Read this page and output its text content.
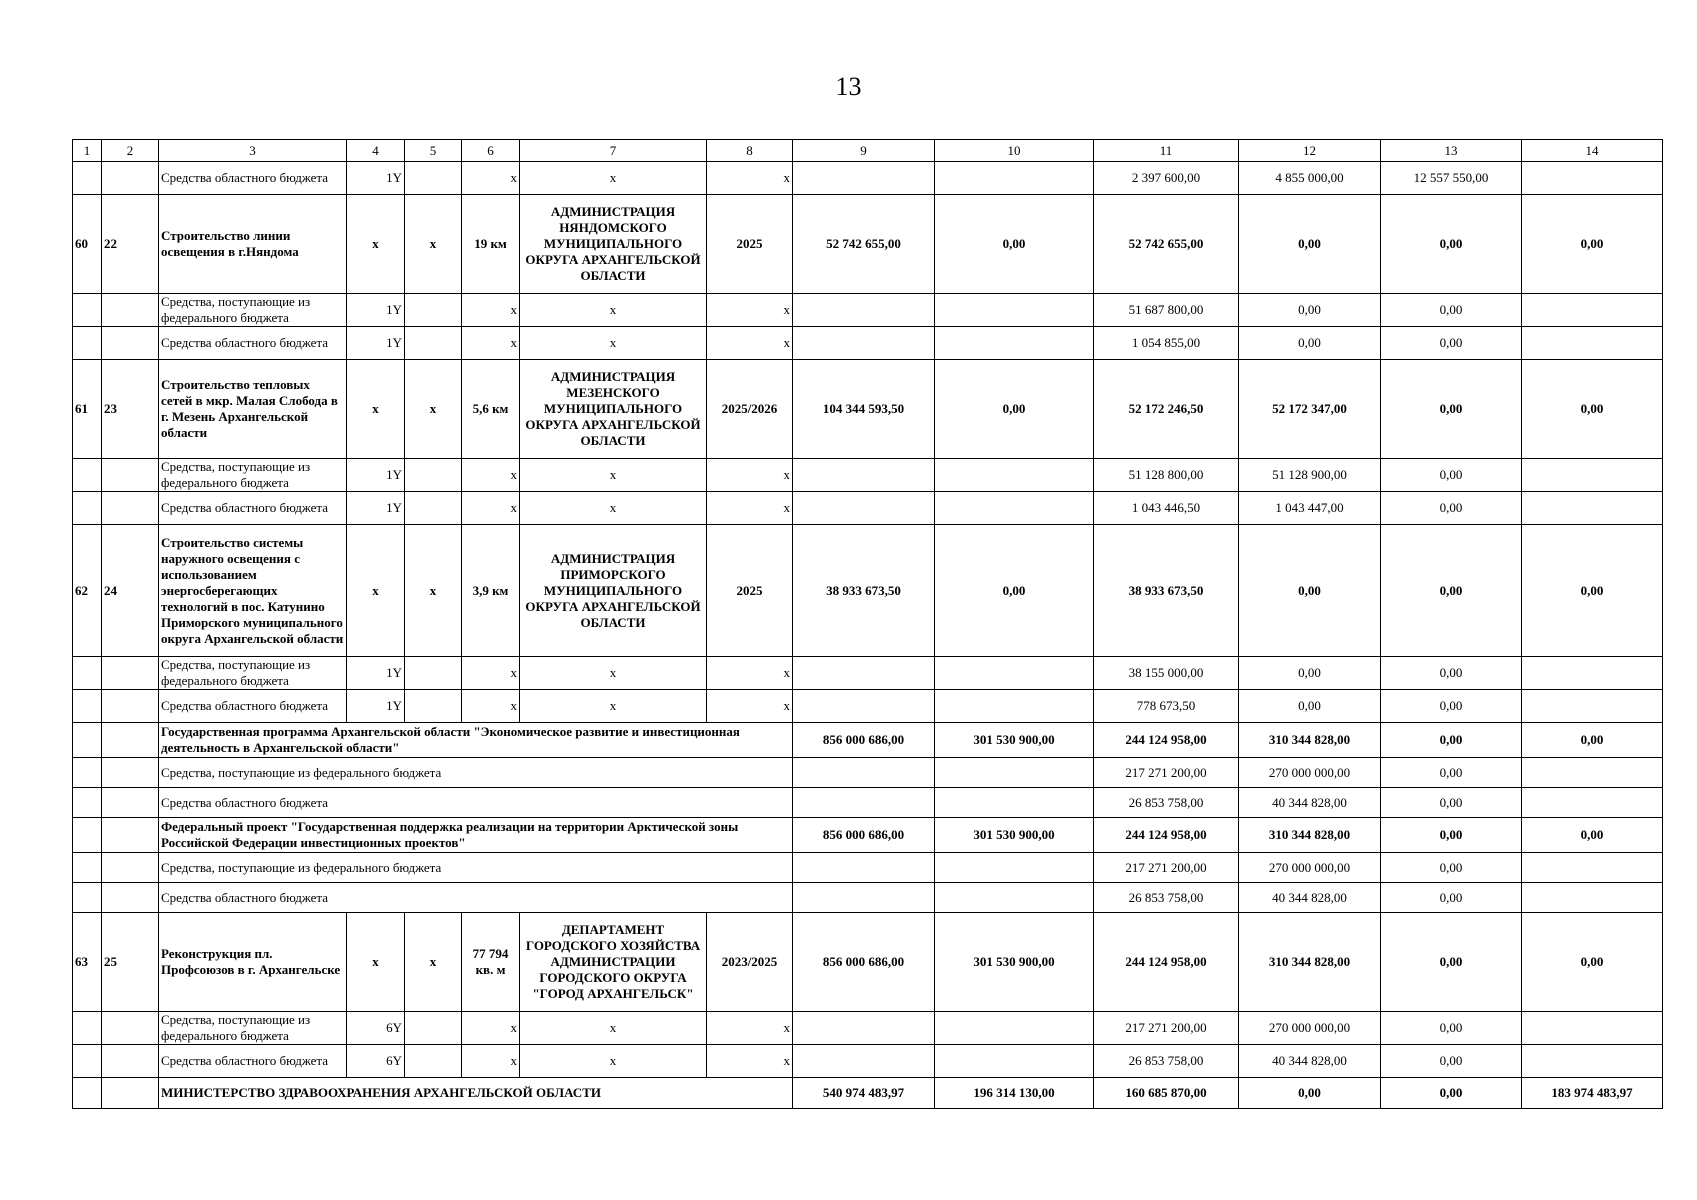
13
1	2	3	4	5	6	7	8	9	10	11	12	13	14
		Средства областного бюджета	1Y		x	x	x			2 397 600,00	4 855 000,00	12 557 550,00	
60	22	Строительство линии освещения в г.Няндома	x	x	19 км	АДМИНИСТРАЦИЯ НЯНДОМСКОГО МУНИЦИПАЛЬНОГО ОКРУГА АРХАНГЕЛЬСКОЙ ОБЛАСТИ	2025	52 742 655,00	0,00	52 742 655,00	0,00	0,00	0,00
		Средства, поступающие из федерального бюджета	1Y		x	x	x			51 687 800,00	0,00	0,00	
		Средства областного бюджета	1Y		x	x	x			1 054 855,00	0,00	0,00	
61	23	Строительство тепловых сетей в мкр. Малая Слобода в г. Мезень Архангельской области	x	x	5,6 км	АДМИНИСТРАЦИЯ МЕЗЕНСКОГО МУНИЦИПАЛЬНОГО ОКРУГА АРХАНГЕЛЬСКОЙ ОБЛАСТИ	2025/2026	104 344 593,50	0,00	52 172 246,50	52 172 347,00	0,00	0,00
		Средства, поступающие из федерального бюджета	1Y		x	x	x			51 128 800,00	51 128 900,00	0,00	
		Средства областного бюджета	1Y		x	x	x			1 043 446,50	1 043 447,00	0,00	
62	24	Строительство системы наружного освещения с использованием энергосберегающих технологий в пос. Катунино Приморского муниципального округа Архангельской области	x	x	3,9 км	АДМИНИСТРАЦИЯ ПРИМОРСКОГО МУНИЦИПАЛЬНОГО ОКРУГА АРХАНГЕЛЬСКОЙ ОБЛАСТИ	2025	38 933 673,50	0,00	38 933 673,50	0,00	0,00	0,00
		Средства, поступающие из федерального бюджета	1Y		x	x	x			38 155 000,00	0,00	0,00	
		Средства областного бюджета	1Y		x	x	x			778 673,50	0,00	0,00	
		Государственная программа Архангельской области "Экономическое развитие и инвестиционная деятельность в Архангельской области"						856 000 686,00	301 530 900,00	244 124 958,00	310 344 828,00	0,00	0,00
		Средства, поступающие из федерального бюджета								217 271 200,00	270 000 000,00	0,00	
		Средства областного бюджета								26 853 758,00	40 344 828,00	0,00	
		Федеральный проект "Государственная поддержка реализации на территории Арктической зоны Российской Федерации инвестиционных проектов"						856 000 686,00	301 530 900,00	244 124 958,00	310 344 828,00	0,00	0,00
		Средства, поступающие из федерального бюджета								217 271 200,00	270 000 000,00	0,00	
		Средства областного бюджета								26 853 758,00	40 344 828,00	0,00	
63	25	Реконструкция пл. Профсоюзов в г. Архангельске	x	x	77 794 кв. м	ДЕПАРТАМЕНТ ГОРОДСКОГО ХОЗЯЙСТВА АДМИНИСТРАЦИИ ГОРОДСКОГО ОКРУГА "ГОРОД АРХАНГЕЛЬСК"	2023/2025	856 000 686,00	301 530 900,00	244 124 958,00	310 344 828,00	0,00	0,00
		Средства, поступающие из федерального бюджета	6Y		x	x	x			217 271 200,00	270 000 000,00	0,00	
		Средства областного бюджета	6Y		x	x	x			26 853 758,00	40 344 828,00	0,00	
		МИНИСТЕРСТВО ЗДРАВООХРАНЕНИЯ АРХАНГЕЛЬСКОЙ ОБЛАСТИ						540 974 483,97	196 314 130,00	160 685 870,00	0,00	0,00	183 974 483,97
